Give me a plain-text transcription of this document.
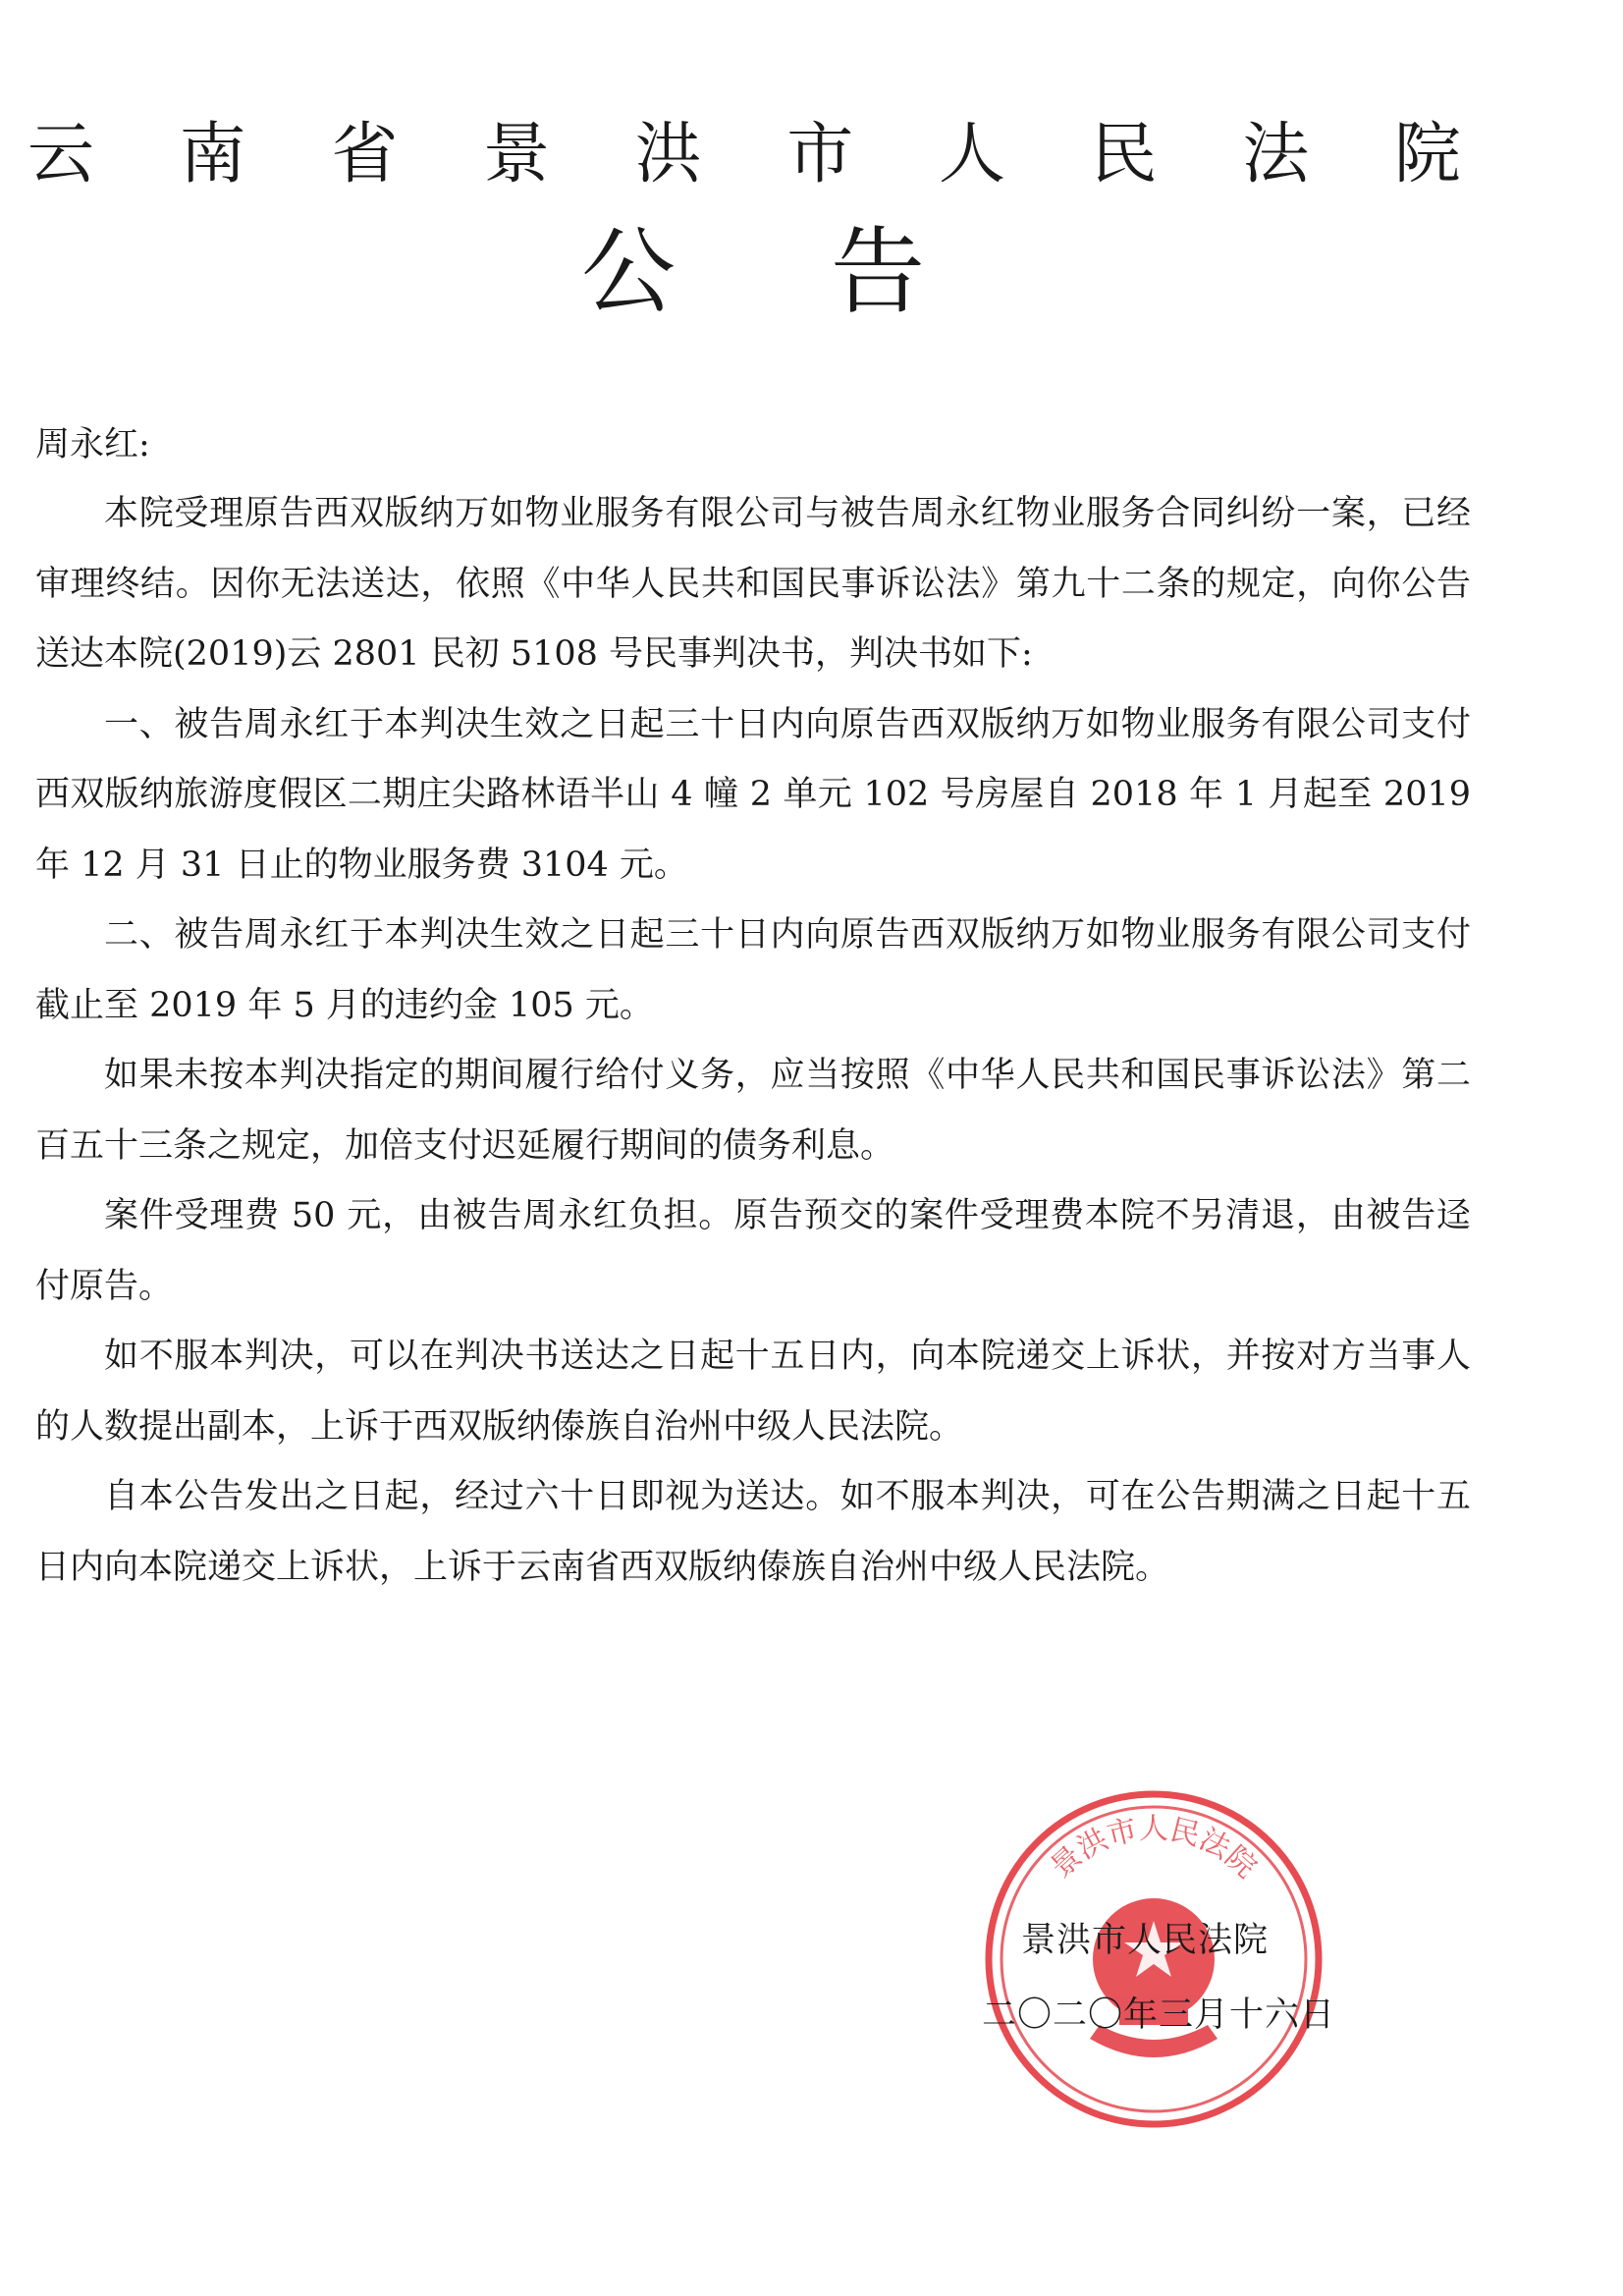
云 南 省 景 洪 市 人 民 法 院
公 告

周永红:

本院受理原告西双版纳万如物业服务有限公司与被告周永红物业服务合同纠纷一案，已经审理终结。因你无法送达，依照《中华人民共和国民事诉讼法》第九十二条的规定，向你公告送达本院(2019)云 2801 民初 5108 号民事判决书，判决书如下:

一、被告周永红于本判决生效之日起三十日内向原告西双版纳万如物业服务有限公司支付西双版纳旅游度假区二期庄尖路林语半山 4 幢 2 单元 102 号房屋自 2018 年 1 月起至 2019 年 12 月 31 日止的物业服务费 3104 元。

二、被告周永红于本判决生效之日起三十日内向原告西双版纳万如物业服务有限公司支付截止至 2019 年 5 月的违约金 105 元。

如果未按本判决指定的期间履行给付义务，应当按照《中华人民共和国民事诉讼法》第二百五十三条之规定，加倍支付迟延履行期间的债务利息。

案件受理费 50 元，由被告周永红负担。原告预交的案件受理费本院不另清退，由被告迳付原告。

如不服本判决，可以在判决书送达之日起十五日内，向本院递交上诉状，并按对方当事人的人数提出副本，上诉于西双版纳傣族自治州中级人民法院。

自本公告发出之日起，经过六十日即视为送达。如不服本判决，可在公告期满之日起十五日内向本院递交上诉状，上诉于云南省西双版纳傣族自治州中级人民法院。

景洪市人民法院
景洪市人民法院
二〇二〇年三月十六日
